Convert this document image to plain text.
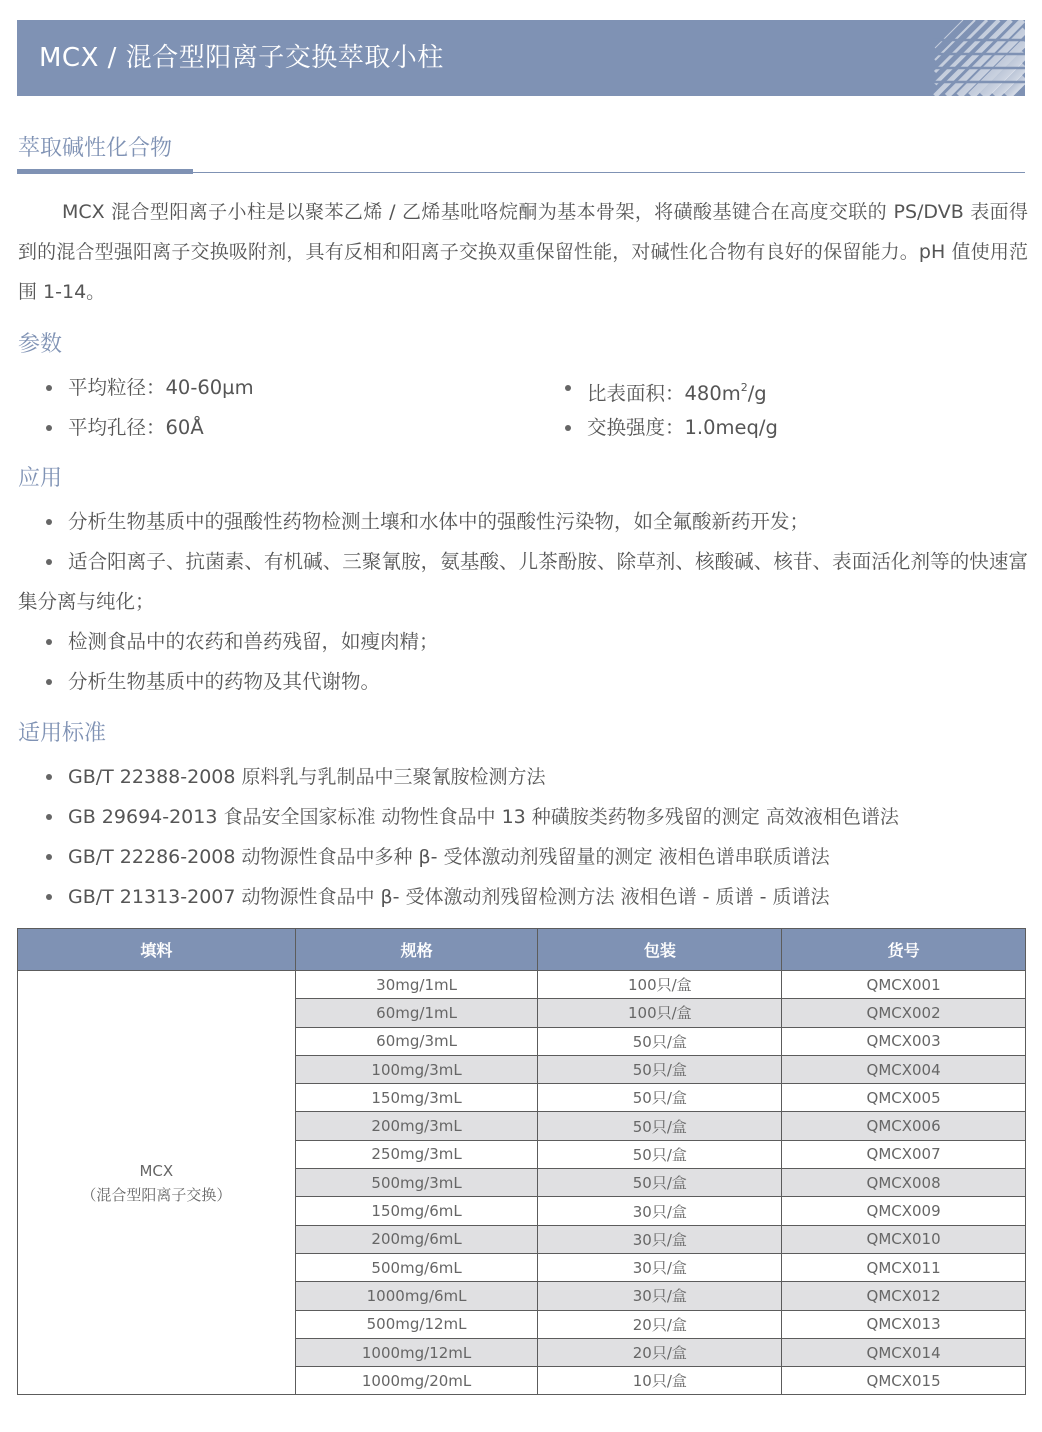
MCX / 混合型阳离子交换萃取小柱
萃取碱性化合物
MCX 混合型阳离子小柱是以聚苯乙烯 / 乙烯基吡咯烷酮为基本骨架，将磺酸基键合在高度交联的 PS/DVB 表面得到的混合型强阳离子交换吸附剂，具有反相和阳离子交换双重保留性能，对碱性化合物有良好的保留能力。pH 值使用范围 1-14。
参数
平均粒径：40-60µm	比表面积：$480m^2/g$
平均孔径：60Å	交换强度：1.0meq/g
应用
分析生物基质中的强酸性药物检测土壤和水体中的强酸性污染物，如全氟酸新药开发；
适合阳离子、抗菌素、有机碱、三聚氰胺，氨基酸、儿茶酚胺、除草剂、核酸碱、核苷、表面活化剂等的快速富集分离与纯化；
检测食品中的农药和兽药残留，如瘦肉精；
分析生物基质中的药物及其代谢物。
适用标准
GB/T 22388-2008 原料乳与乳制品中三聚氰胺检测方法
GB 29694-2013 食品安全国家标准 动物性食品中 13 种磺胺类药物多残留的测定 高效液相色谱法
GB/T 22286-2008 动物源性食品中多种 β- 受体激动剂残留量的测定 液相色谱串联质谱法
GB/T 21313-2007 动物源性食品中 β- 受体激动剂残留检测方法 液相色谱 - 质谱 - 质谱法
填料	规格	包装	货号

MCX
（混合型阳离子交换）	30mg/1mL	100只/盒	QMCX001
	60mg/1mL	100只/盒	QMCX002
	60mg/3mL	50只/盒	QMCX003
	100mg/3mL	50只/盒	QMCX004
	150mg/3mL	50只/盒	QMCX005
	200mg/3mL	50只/盒	QMCX006
	250mg/3mL	50只/盒	QMCX007
	500mg/3mL	50只/盒	QMCX008
	150mg/6mL	30只/盒	QMCX009
	200mg/6mL	30只/盒	QMCX010
	500mg/6mL	30只/盒	QMCX011
	1000mg/6mL	30只/盒	QMCX012
	500mg/12mL	20只/盒	QMCX013
	1000mg/12mL	20只/盒	QMCX014
	1000mg/20mL	10只/盒	QMCX015
